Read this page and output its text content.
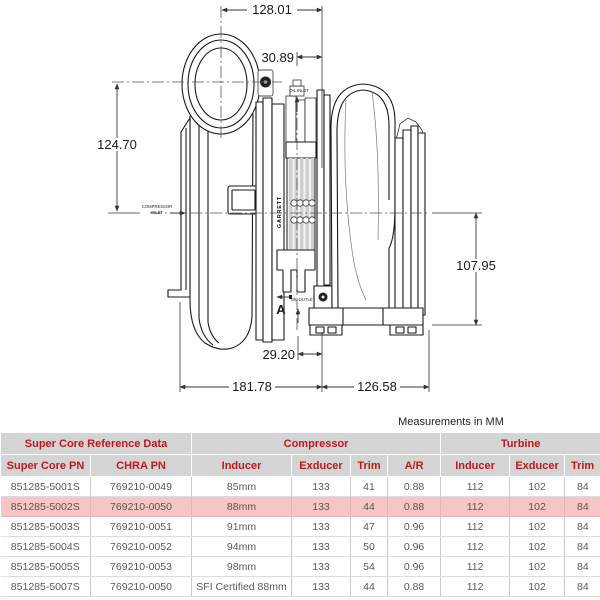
GARRETT
128.01
30.89
124.70
COMPRESSOR
INLET
OIL INLET
107.95
A
OIL OUTLET
29.20
181.78	126.58
Measurements in MM
Super Core Reference Data		Compressor				Turbine		
Super Core PN	CHRA PN	Inducer	Exducer	Trim	A/R	Inducer	Exducer	Trim
851285-5001S	769210-0049	85mm	133	41	0.88	112	102	84
851285-5002S	769210-0050	88mm	133	44	0.88	112	102	84
851285-5003S	769210-0051	91mm	133	47	0.96	112	102	84
851285-5004S	769210-0052	94mm	133	50	0.96	112	102	84
851285-5005S	769210-0053	98mm	133	54	0.96	112	102	84
851285-5007S	769210-0050	SFI Certified 88mm	133	44	0.88	112	102	84
